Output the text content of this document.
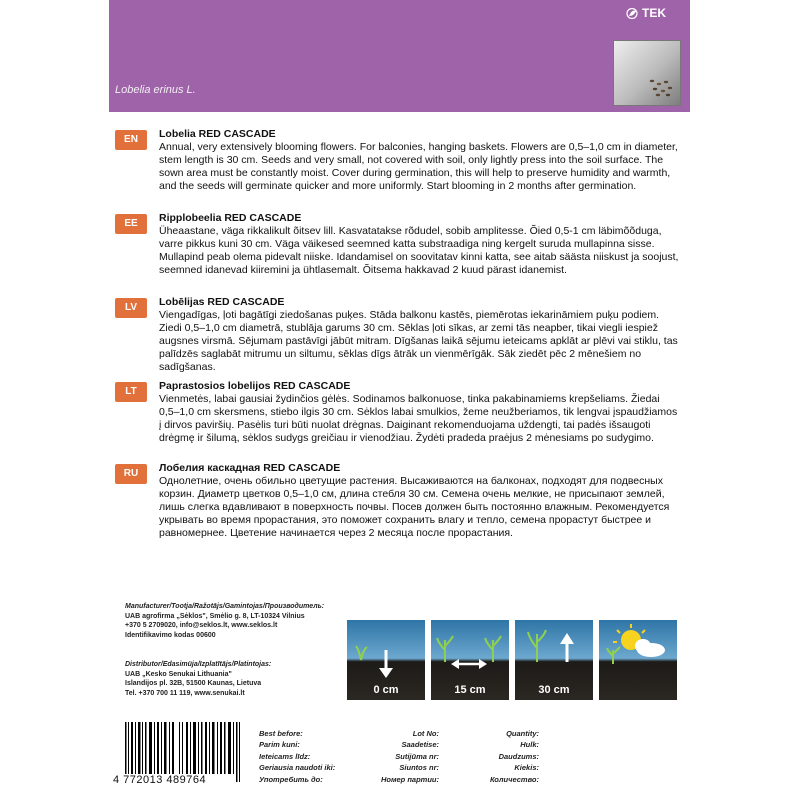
TEK
Lobelia erinus L.
EN	Lobelia RED CASCADE

Annual, very extensively blooming flowers. For balconies, hanging baskets. Flowers are 0,5–1,0 cm in diameter, stem length is 30 cm. Seeds and very small, not covered with soil, only lightly press into the soil surface. The sown area must be constantly moist. Cover during germination, this will help to preserve humidity and warmth, and the seeds will germinate quicker and more uniformly. Start blooming in 2 months after germination.

EE	Ripplobeelia RED CASCADE

Üheaastane, väga rikkalikult õitsev lill. Kasvatatakse rõdudel, sobib amplitesse. Õied 0,5-1 cm läbimõõduga, varre pikkus kuni 30 cm. Väga väikesed seemned katta substraadiga ning kergelt suruda mullapinna sisse. Mullapind peab olema pidevalt niiske. Idandamisel on soovitatav kinni katta, see aitab säästa niiskust ja soojust, seemned idanevad kiiremini ja ühtlasemalt. Õitsema hakkavad 2 kuud pärast idanemist.

LV	Lobēlijas RED CASCADE

Viengadīgas, ļoti bagātīgi ziedošanas puķes. Stāda balkonu kastēs, piemērotas iekarināmiem puķu podiem. Ziedi 0,5–1,0 cm diametrā, stublāja garums 30 cm. Sēklas ļoti sīkas, ar zemi tās neapber, tikai viegli iespiež augsnes virsmā. Sējumam pastāvīgi jābūt mitram. Dīgšanas laikā sējumu ieteicams apklāt ar plēvi vai stiklu, tas palīdzēs saglabāt mitrumu un siltumu, sēklas dīgs ātrāk un vienmērīgāk. Sāk ziedēt pēc 2 mēnešiem no sadīgšanas.

LT	Paprastosios lobelijos RED CASCADE

Vienmetės, labai gausiai žydinčios gėlės. Sodinamos balkonuose, tinka pakabinamiems krepšeliams. Žiedai 0,5–1,0 cm skersmens, stiebo ilgis 30 cm. Sėklos labai smulkios, žeme neužberiamos, tik lengvai įspaudžiamos į dirvos paviršių. Pasėlis turi būti nuolat drėgnas. Daiginant rekomenduojama uždengti, tai padės išsaugoti drėgmę ir šilumą, sėklos sudygs greičiau ir vienodžiau. Žydėti pradeda praėjus 2 mėnesiams po sudygimo.

RU	Лобелия каскадная RED CASCADE

Однолетние, очень обильно цветущие растения. Высаживаются на балконах, подходят для подвесных корзин. Диаметр цветков 0,5–1,0 см, длина стебля 30 см. Семена очень мелкие, не присыпают землей, лишь слегка вдавливают в поверхность почвы. Посев должен быть постоянно влажным. Рекомендуется укрывать во время прорастания, это поможет сохранить влагу и тепло, семена прорастут быстрее и равномернее. Цветение начинается через 2 месяца после прорастания.

Manufacturer/Tootja/Ražotājs/Gamintojas/Производитель:
UAB agrofirma „Sėklos", Smėlio g. 8, LT-10324 Vilnius
+370 5 2709020, info@seklos.lt, www.seklos.lt
Identifikavimo kodas 00600
Distributor/Edasimüja/Izplatītājs/Platintojas:
UAB „Kesko Senukai Lithuania"
Islandijos pl. 32B, 51500 Kaunas, Lietuva
Tel. +370 700 11 119, www.senukai.lt	0 cm	15 cm	30 cm
4 772013 489764
Best before:
Parim kuni:
Ieteicams līdz:
Geriausia naudoti iki:
Употребить до:
Lot No:
Saadetise:
Sutijūma nr:
Siuntos nr:
Номер партии:
Quantity:
Hulk:
Daudzums:
Kiekis:
Количество:
